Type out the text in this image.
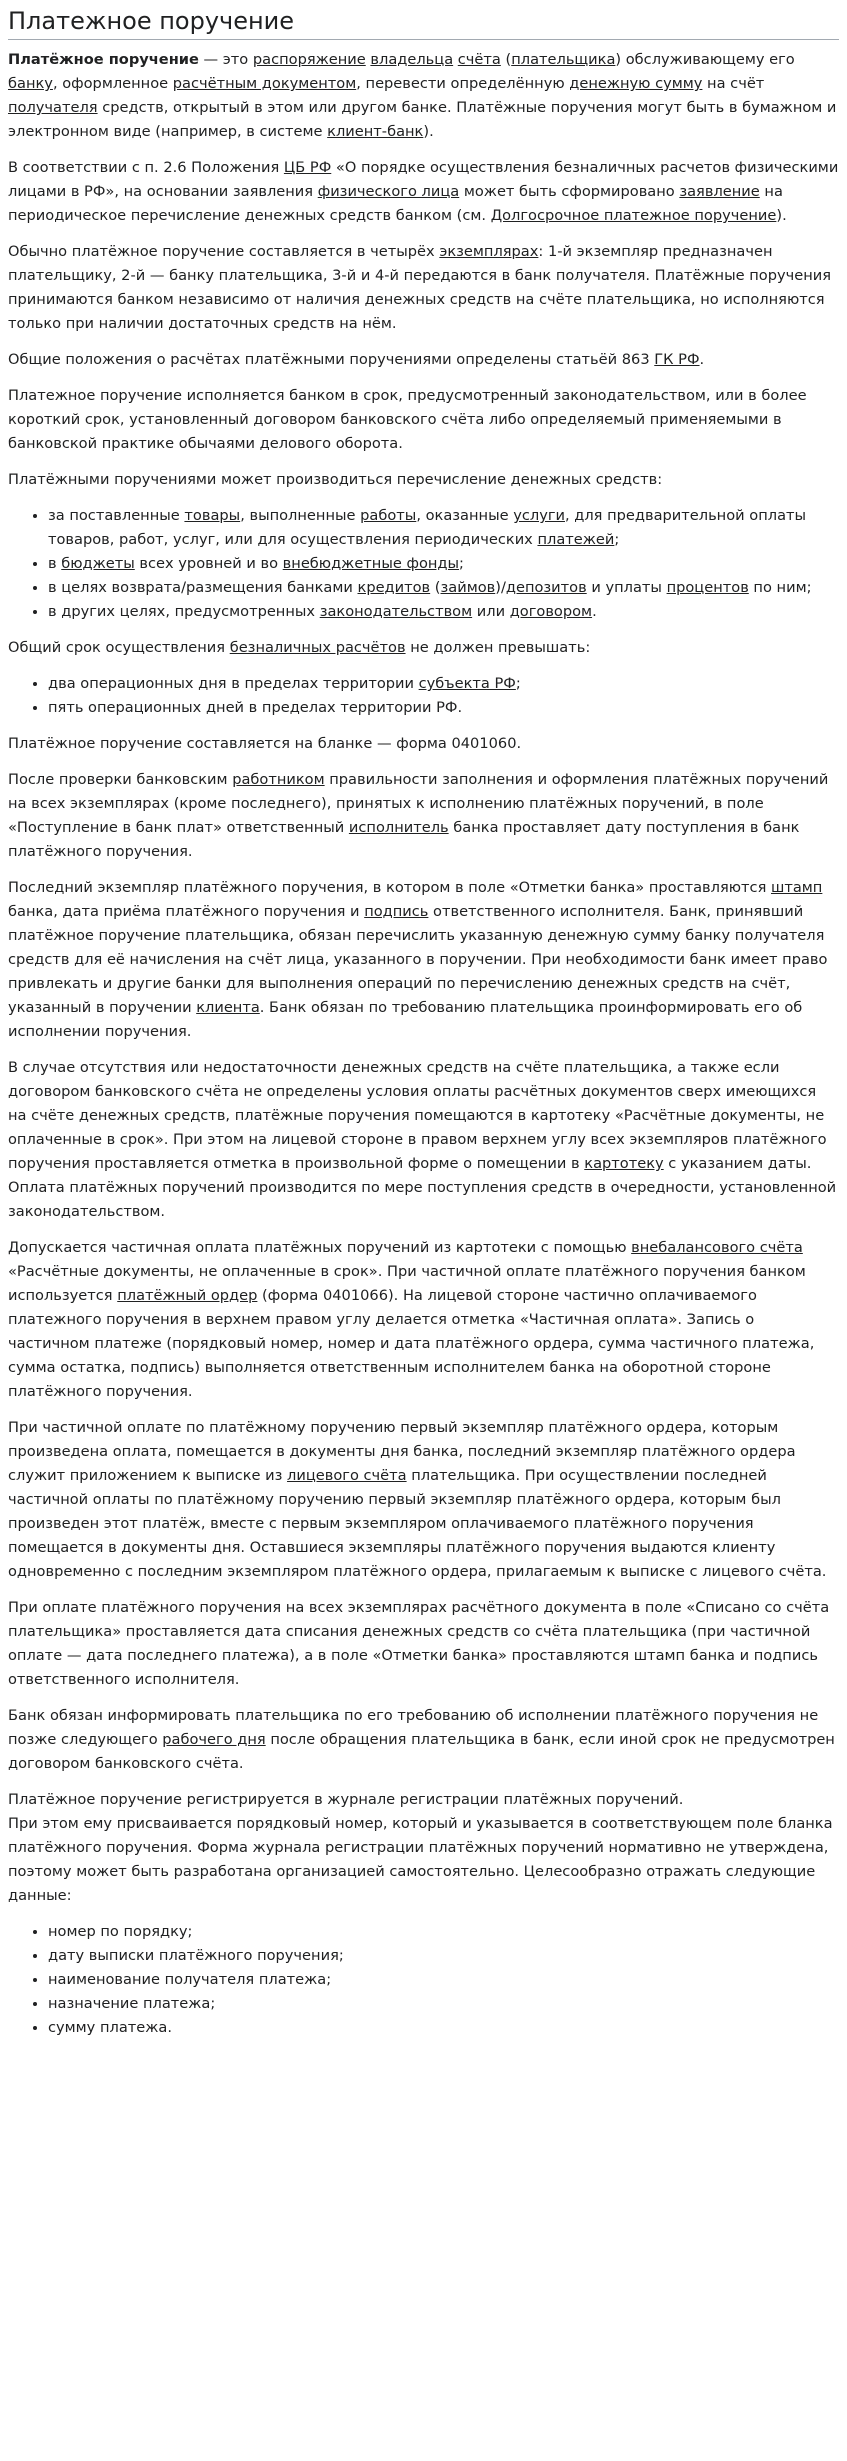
Платежное поручение

Платёжное поручение — это распоряжение владельца счёта (плательщика) обслуживающему его банку, оформленное расчётным документом, перевести определённую денежную сумму на счёт получателя средств, открытый в этом или другом банке. Платёжные поручения могут быть в бумажном и электронном виде (например, в системе клиент-банк).

В соответствии с п. 2.6 Положения ЦБ РФ «О порядке осуществления безналичных расчетов физическими лицами в РФ», на основании заявления физического лица может быть сформировано заявление на периодическое перечисление денежных средств банком (см. Долгосрочное платежное поручение).

Обычно платёжное поручение составляется в четырёх экземплярах: 1-й экземпляр предназначен плательщику, 2-й — банку плательщика, 3-й и 4-й передаются в банк получателя. Платёжные поручения принимаются банком независимо от наличия денежных средств на счёте плательщика, но исполняются только при наличии достаточных средств на нём.

Общие положения о расчётах платёжными поручениями определены статьёй 863 ГК РФ.

Платежное поручение исполняется банком в срок, предусмотренный законодательством, или в более короткий срок, установленный договором банковского счёта либо определяемый применяемыми в банковской практике обычаями делового оборота.

Платёжными поручениями может производиться перечисление денежных средств:

• за поставленные товары, выполненные работы, оказанные услуги, для предварительной оплаты товаров, работ, услуг, или для осуществления периодических платежей;
• в бюджеты всех уровней и во внебюджетные фонды;
• в целях возврата/размещения банками кредитов (займов)/депозитов и уплаты процентов по ним;
• в других целях, предусмотренных законодательством или договором.

Общий срок осуществления безналичных расчётов не должен превышать:

• два операционных дня в пределах территории субъекта РФ;
• пять операционных дней в пределах территории РФ.

Платёжное поручение составляется на бланке — форма 0401060.

После проверки банковским работником правильности заполнения и оформления платёжных поручений на всех экземплярах (кроме последнего), принятых к исполнению платёжных поручений, в поле «Поступление в банк плат» ответственный исполнитель банка проставляет дату поступления в банк платёжного поручения.

Последний экземпляр платёжного поручения, в котором в поле «Отметки банка» проставляются штамп банка, дата приёма платёжного поручения и подпись ответственного исполнителя. Банк, принявший платёжное поручение плательщика, обязан перечислить указанную денежную сумму банку получателя средств для её начисления на счёт лица, указанного в поручении. При необходимости банк имеет право привлекать и другие банки для выполнения операций по перечислению денежных средств на счёт, указанный в поручении клиента. Банк обязан по требованию плательщика проинформировать его об исполнении поручения.

В случае отсутствия или недостаточности денежных средств на счёте плательщика, а также если договором банковского счёта не определены условия оплаты расчётных документов сверх имеющихся на счёте денежных средств, платёжные поручения помещаются в картотеку «Расчётные документы, не оплаченные в срок». При этом на лицевой стороне в правом верхнем углу всех экземпляров платёжного поручения проставляется отметка в произвольной форме о помещении в картотеку с указанием даты. Оплата платёжных поручений производится по мере поступления средств в очередности, установленной законодательством.

Допускается частичная оплата платёжных поручений из картотеки с помощью внебалансового счёта «Расчётные документы, не оплаченные в срок». При частичной оплате платёжного поручения банком используется платёжный ордер (форма 0401066). На лицевой стороне частично оплачиваемого платежного поручения в верхнем правом углу делается отметка «Частичная оплата». Запись о частичном платеже (порядковый номер, номер и дата платёжного ордера, сумма частичного платежа, сумма остатка, подпись) выполняется ответственным исполнителем банка на оборотной стороне платёжного поручения.

При частичной оплате по платёжному поручению первый экземпляр платёжного ордера, которым произведена оплата, помещается в документы дня банка, последний экземпляр платёжного ордера служит приложением к выписке из лицевого счёта плательщика. При осуществлении последней частичной оплаты по платёжному поручению первый экземпляр платёжного ордера, которым был произведен этот платёж, вместе с первым экземпляром оплачиваемого платёжного поручения помещается в документы дня. Оставшиеся экземпляры платёжного поручения выдаются клиенту одновременно с последним экземпляром платёжного ордера, прилагаемым к выписке с лицевого счёта.

При оплате платёжного поручения на всех экземплярах расчётного документа в поле «Списано со счёта плательщика» проставляется дата списания денежных средств со счёта плательщика (при частичной оплате — дата последнего платежа), а в поле «Отметки банка» проставляются штамп банка и подпись ответственного исполнителя.

Банк обязан информировать плательщика по его требованию об исполнении платёжного поручения не позже следующего рабочего дня после обращения плательщика в банк, если иной срок не предусмотрен договором банковского счёта.

Платёжное поручение регистрируется в журнале регистрации платёжных поручений.
При этом ему присваивается порядковый номер, который и указывается в соответствующем поле бланка платёжного поручения. Форма журнала регистрации платёжных поручений нормативно не утверждена, поэтому может быть разработана организацией самостоятельно. Целесообразно отражать следующие данные:

• номер по порядку;
• дату выписки платёжного поручения;
• наименование получателя платежа;
• назначение платежа;
• сумму платежа.
